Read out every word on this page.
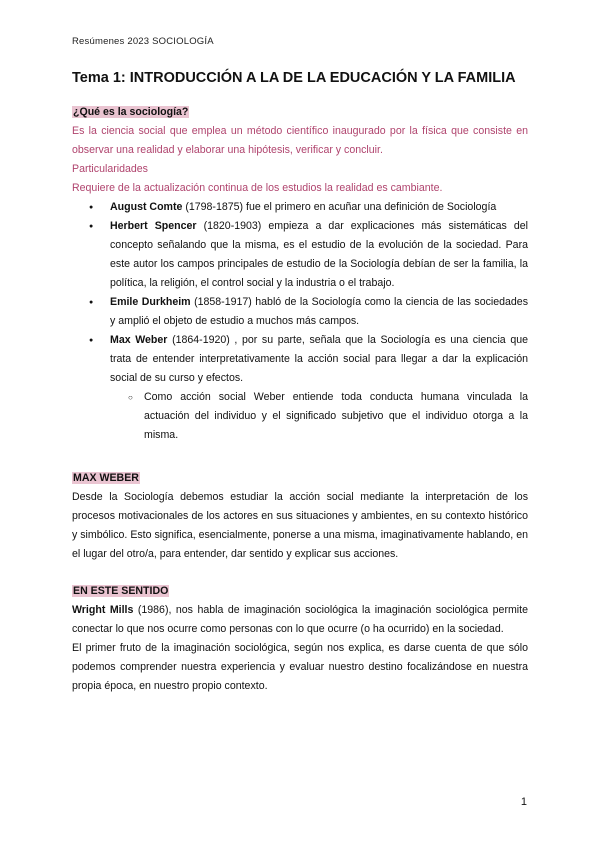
Resúmenes 2023 SOCIOLOGÍA
Tema 1: INTRODUCCIÓN A LA DE LA EDUCACIÓN Y LA FAMILIA

¿Qué es la sociología?

Es la ciencia social que emplea un método científico inaugurado por la física que consiste en observar una realidad y elaborar una hipótesis, verificar y concluir.

Particularidades

Requiere de la actualización continua de los estudios la realidad es cambiante.

● August Comte (1798-1875) fue el primero en acuñar una definición de Sociología
● Herbert Spencer (1820-1903) empieza a dar explicaciones más sistemáticas del concepto señalando que la misma, es el estudio de la evolución de la sociedad. Para este autor los campos principales de estudio de la Sociología debían de ser la familia, la política, la religión, el control social y la industria o el trabajo.
● Emile Durkheim (1858-1917) habló de la Sociología como la ciencia de las sociedades y amplió el objeto de estudio a muchos más campos.
● Max Weber (1864-1920) , por su parte, señala que la Sociología es una ciencia que trata de entender interpretativamente la acción social para llegar a dar la explicación social de su curso y efectos.
○ Como acción social Weber entiende toda conducta humana vinculada la actuación del individuo y el significado subjetivo que el individuo otorga a la misma.

MAX WEBER

Desde la Sociología debemos estudiar la acción social mediante la interpretación de los procesos motivacionales de los actores en sus situaciones y ambientes, en su contexto histórico y simbólico. Esto significa, esencialmente, ponerse a una misma, imaginativamente hablando, en el lugar del otro/a, para entender, dar sentido y explicar sus acciones.

EN ESTE SENTIDO

Wright Mills (1986), nos habla de imaginación sociológica la imaginación sociológica permite conectar lo que nos ocurre como personas con lo que ocurre (o ha ocurrido) en la sociedad.

El primer fruto de la imaginación sociológica, según nos explica, es darse cuenta de que sólo podemos comprender nuestra experiencia y evaluar nuestro destino focalizándose en nuestra propia época, en nuestro propio contexto.

1
